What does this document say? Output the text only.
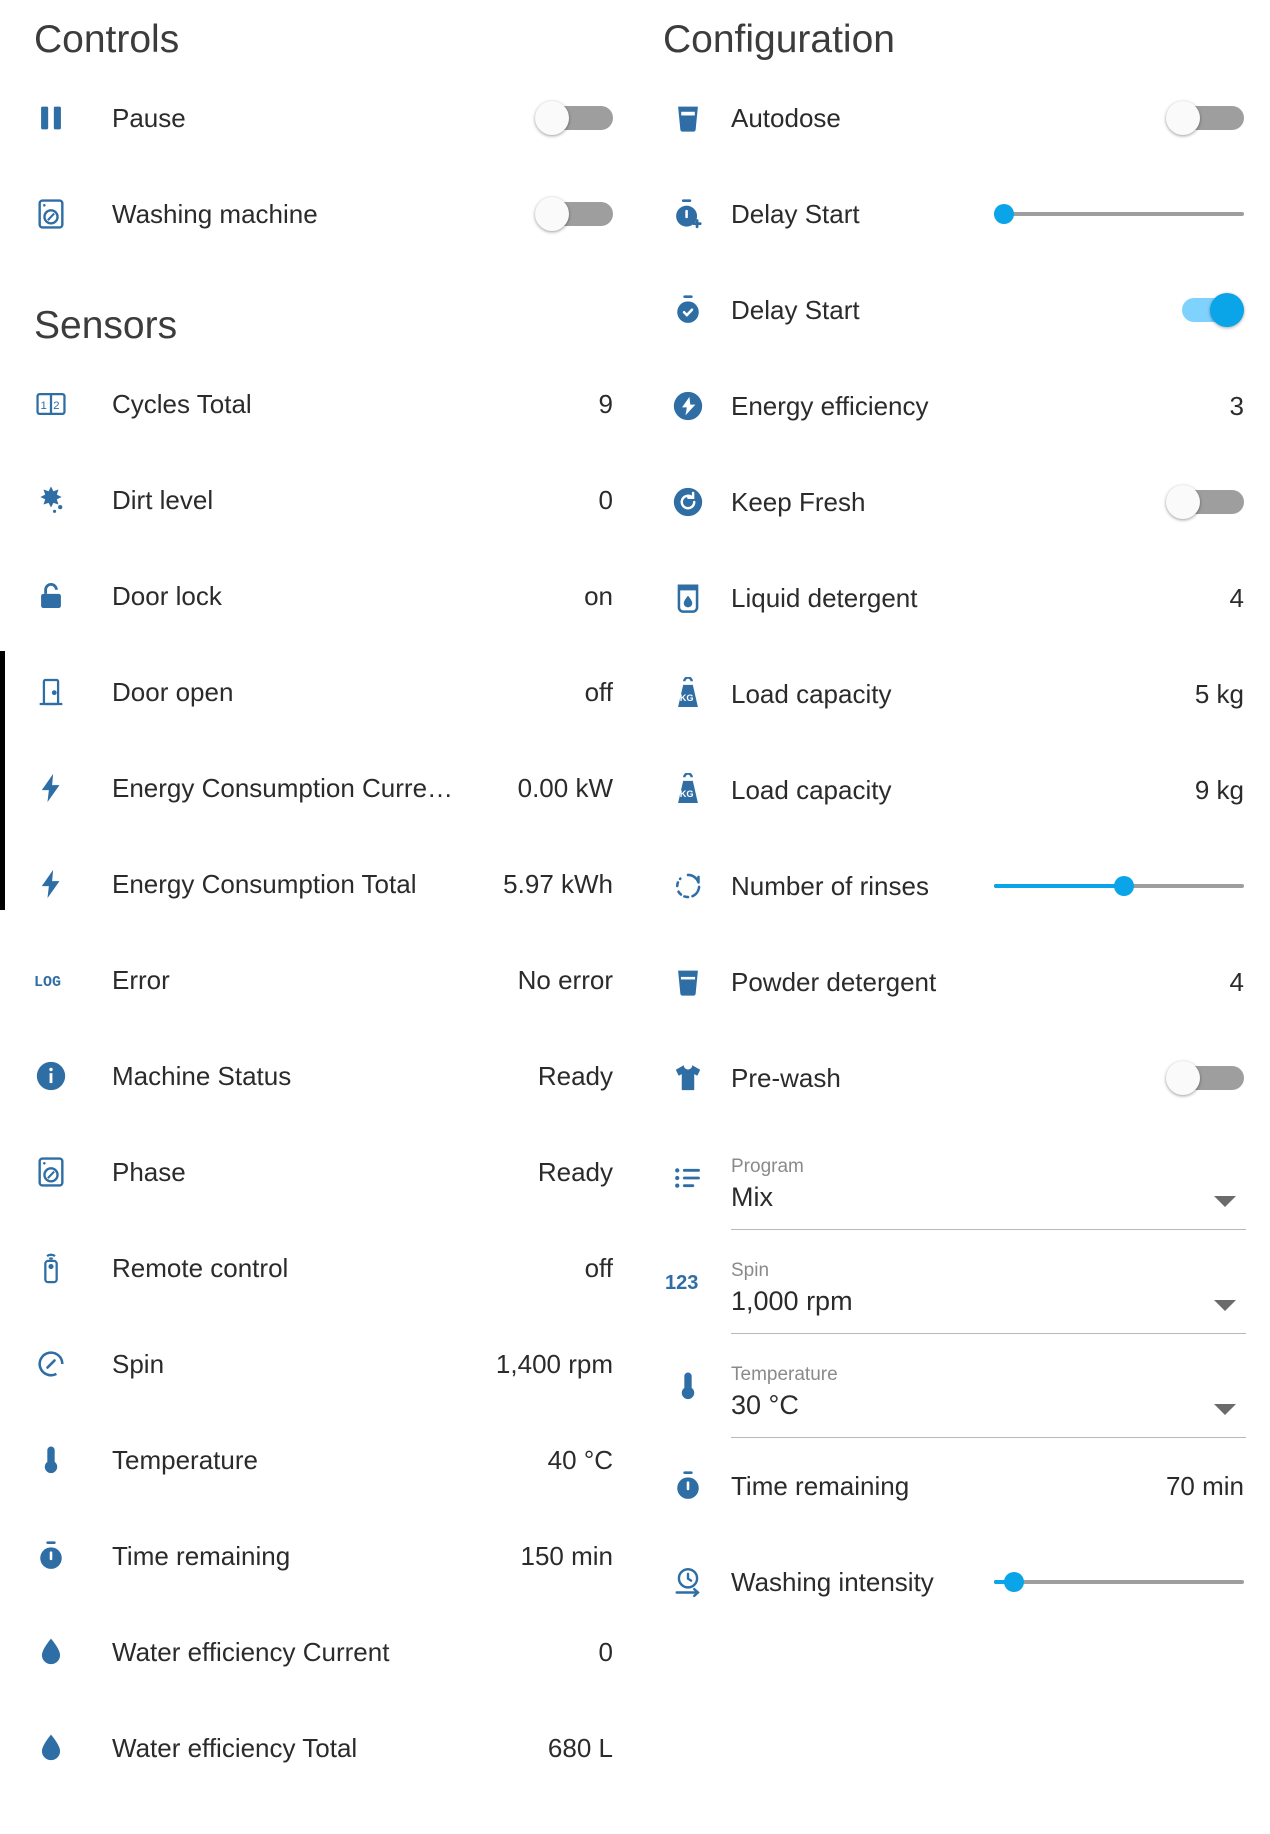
Controls
Pause
Washing machine
Sensors
1 2 Cycles Total	9
Dirt level	0
Door lock	on
Door open	off
Energy Consumption Curre…	0.00 kW
Energy Consumption Total	5.97 kWh
LOG Error	No error
Machine Status	Ready
Phase	Ready
Remote control	off
Spin	1,400 rpm
Temperature	40 °C
Time remaining	150 min
Water efficiency Current	0
Water efficiency Total	680 L
Configuration
Autodose
Delay Start
Delay Start
Energy efficiency	3
Keep Fresh
Liquid detergent	4
KG Load capacity	5 kg
KG Load capacity	9 kg
Number of rinses
Powder detergent	4
Pre-wash
Program
Mix
123
Spin
1,000 rpm
Temperature
30 °C
Time remaining	70 min
Washing intensity
